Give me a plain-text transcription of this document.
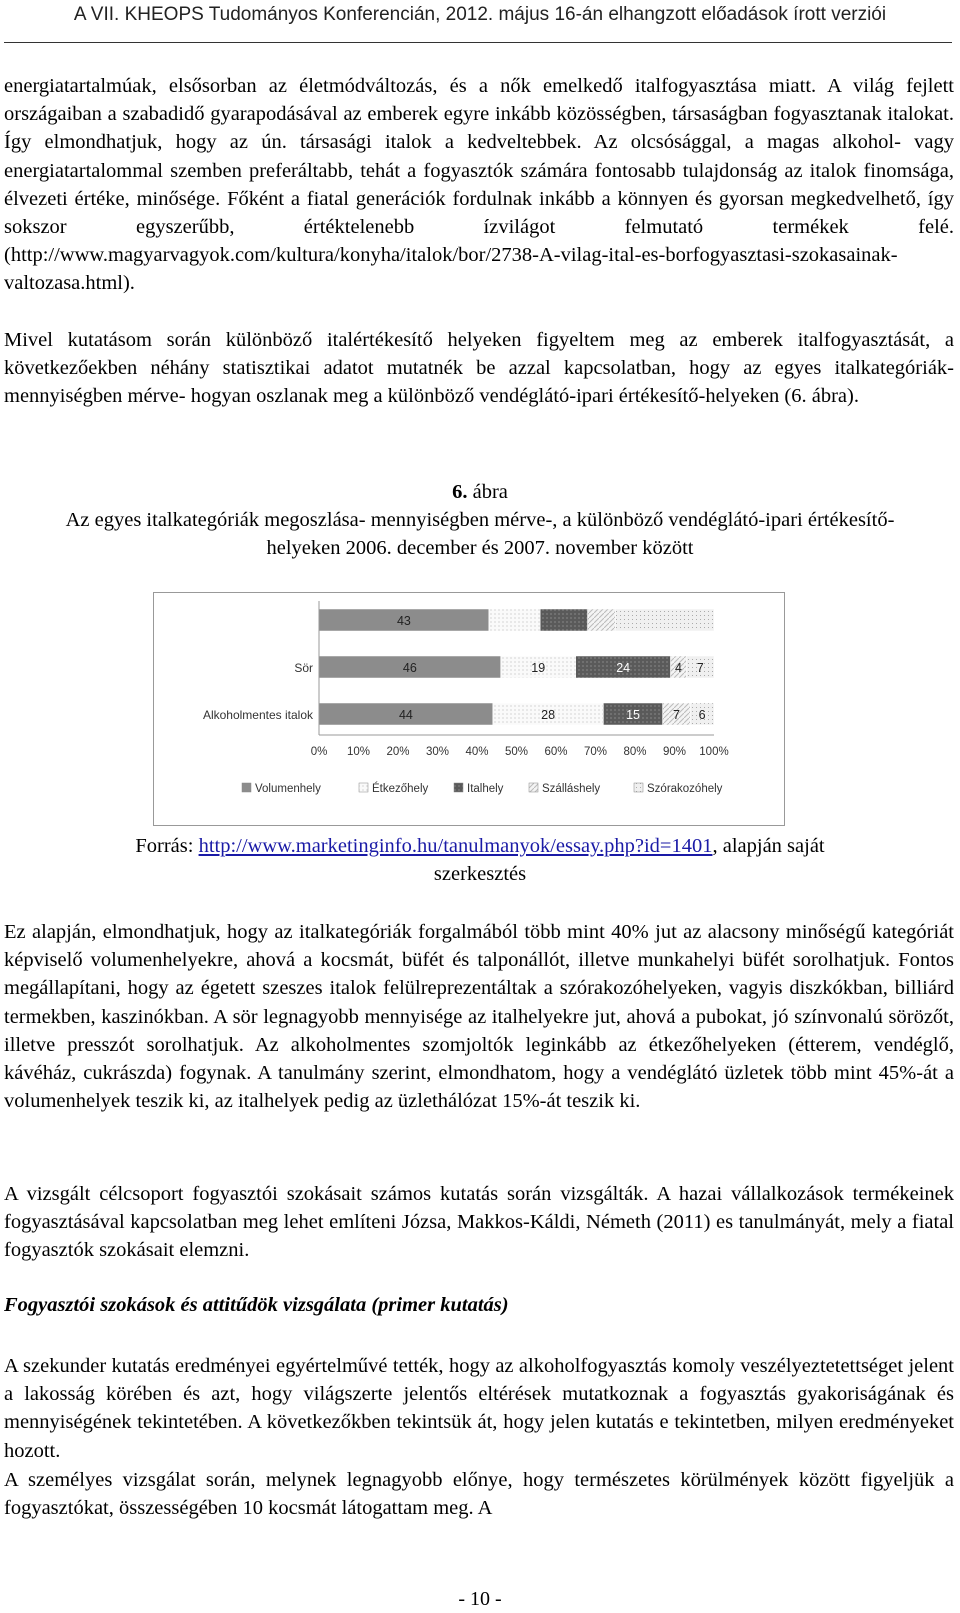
A VII. KHEOPS Tudományos Konferencián, 2012. május 16-án elhangzott előadások írott verziói

energiatartalmúak, elsősorban az életmódváltozás, és a nők emelkedő italfogyasztása miatt. A világ fejlett országaiban a szabadidő gyarapodásával az emberek egyre inkább közösségben, társaságban fogyasztanak italokat. Így elmondhatjuk, hogy az ún. társasági italok a kedveltebbek. Az olcsósággal, a magas alkohol- vagy energiatartalommal szemben preferáltabb, tehát a fogyasztók számára fontosabb tulajdonság az italok finomsága, élvezeti értéke, minősége. Főként a fiatal generációk fordulnak inkább a könnyen és gyorsan megkedvelhető, így sokszor egyszerűbb, értéktelenebb ízvilágot felmutató termékek felé. (http://www.magyarvagyok.com/kultura/konyha/italok/bor/2738-A-vilag-ital-es-borfogyasztasi-szokasainak-valtozasa.html).

Mivel kutatásom során különböző italértékesítő helyeken figyeltem meg az emberek italfogyasztását, a következőekben néhány statisztikai adatot mutatnék be azzal kapcsolatban, hogy az egyes italkategóriák- mennyiségben mérve- hogyan oszlanak meg a különböző vendéglátó-ipari értékesítő-helyeken (6. ábra).

6. ábra

Az egyes italkategóriák megoszlása- mennyiségben mérve-, a különböző vendéglátó-ipari értékesítő-helyeken 2006. december és 2007. november között

Sör
Alkoholmentes italok
43
46	19	24	4 7
44	28	15	7 6
0% 10% 20% 30% 40% 50% 60% 70% 80% 90% 100%
Volumenhely	Étkezőhely	Italhely	Szálláshely	Szórakozóhely

Forrás: http://www.marketinginfo.hu/tanulmanyok/essay.php?id=1401, alapján saját

szerkesztés

Ez alapján, elmondhatjuk, hogy az italkategóriák forgalmából több mint 40% jut az alacsony minőségű kategóriát képviselő volumenhelyekre, ahová a kocsmát, büfét és talponállót, illetve munkahelyi büfét sorolhatjuk. Fontos megállapítani, hogy az égetett szeszes italok felülreprezentáltak a szórakozóhelyeken, vagyis diszkókban, billiárd termekben, kaszinókban. A sör legnagyobb mennyisége az italhelyekre jut, ahová a pubokat, jó színvonalú sörözőt, illetve presszót sorolhatjuk. Az alkoholmentes szomjoltók leginkább az étkezőhelyeken (étterem, vendéglő, kávéház, cukrászda) fogynak. A tanulmány szerint, elmondhatom, hogy a vendéglátó üzletek több mint 45%-át a volumenhelyek teszik ki, az italhelyek pedig az üzlethálózat 15%-át teszik ki.

A vizsgált célcsoport fogyasztói szokásait számos kutatás során vizsgálták. A hazai vállalkozások termékeinek fogyasztásával kapcsolatban meg lehet említeni Józsa, Makkos-Káldi, Németh (2011) es tanulmányát, mely a fiatal fogyasztók szokásait elemzni.

Fogyasztói szokások és attitűdök vizsgálata (primer kutatás)

A szekunder kutatás eredményei egyértelművé tették, hogy az alkoholfogyasztás komoly veszélyeztetettséget jelent a lakosság körében és azt, hogy világszerte jelentős eltérések mutatkoznak a fogyasztás gyakoriságának és mennyiségének tekintetében. A következőkben tekintsük át, hogy jelen kutatás e tekintetben, milyen eredményeket hozott.

A személyes vizsgálat során, melynek legnagyobb előnye, hogy természetes körülmények között figyeljük a fogyasztókat, összességében 10 kocsmát látogattam meg. A

- 10 -
